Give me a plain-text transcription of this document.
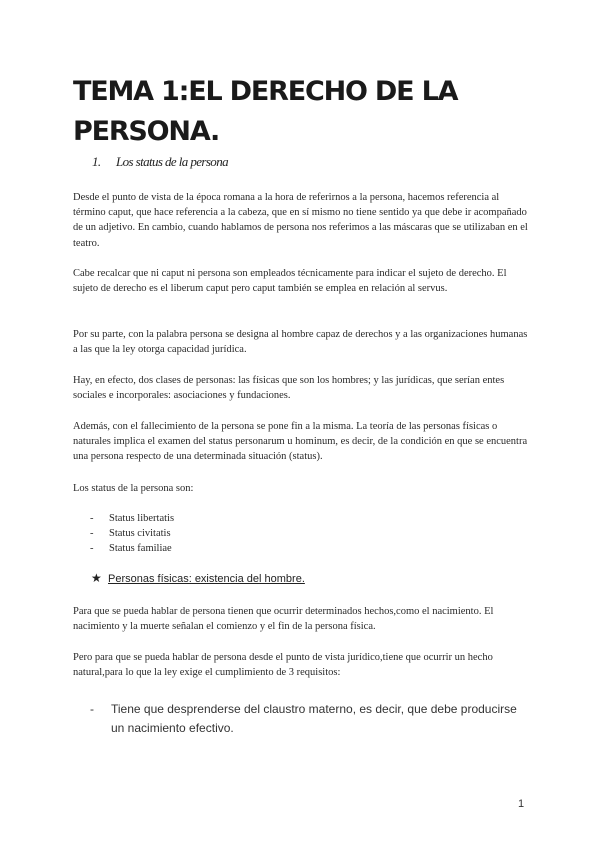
TEMA 1:EL DERECHO DE LA PERSONA.
1. Los status de la persona

Desde el punto de vista de la época romana a la hora de referirnos a la persona, hacemos referencia al término caput, que hace referencia a la cabeza, que en sí mismo no tiene sentido ya que debe ir acompañado de un adjetivo. En cambio, cuando hablamos de persona nos referimos a las máscaras que se utilizaban en el teatro.

Cabe recalcar que ni caput ni persona son empleados técnicamente para indicar el sujeto de derecho. El sujeto de derecho es el liberum caput pero caput también se emplea en relación al servus.

Por su parte, con la palabra persona se designa al hombre capaz de derechos y a las organizaciones humanas a las que la ley otorga capacidad jurídica.

Hay, en efecto, dos clases de personas: las físicas que son los hombres; y las jurídicas, que serían entes sociales e incorporales: asociaciones y fundaciones.

Además, con el fallecimiento de la persona se pone fin a la misma. La teoría de las personas físicas o naturales implica el examen del status personarum u hominum, es decir, de la condición en que se encuentra una persona respecto de una determinada situación (status).

Los status de la persona son:

- Status libertatis
- Status civitatis
- Status familiae
★ Personas físicas: existencia del hombre.

Para que se pueda hablar de persona tienen que ocurrir determinados hechos,como el nacimiento. El nacimiento y la muerte señalan el comienzo y el fin de la persona física.

Pero para que se pueda hablar de persona desde el punto de vista jurídico,tiene que ocurrir un hecho natural,para lo que la ley exige el cumplimiento de 3 requisitos:

-	Tiene que desprenderse del claustro materno, es decir, que debe producirse un nacimiento efectivo.
1
